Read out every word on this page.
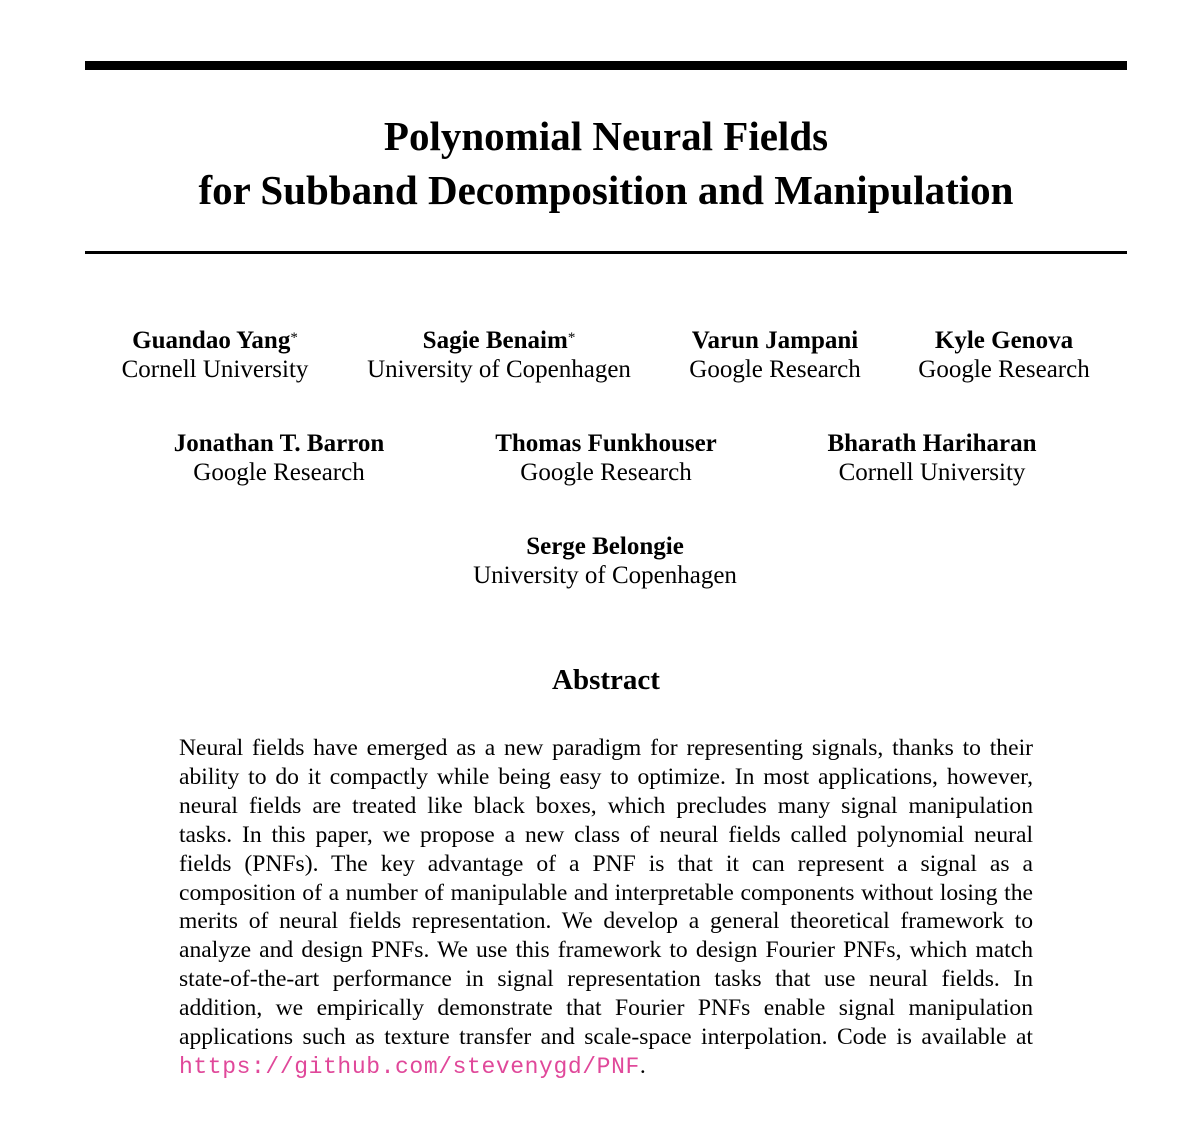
Polynomial Neural Fields
for Subband Decomposition and Manipulation
Guandao Yang*
Cornell University
Sagie Benaim*
University of Copenhagen
Varun Jampani
Google Research
Kyle Genova
Google Research
Jonathan T. Barron
Google Research
Thomas Funkhouser
Google Research
Bharath Hariharan
Cornell University
Serge Belongie
University of Copenhagen
Abstract

Neural fields have emerged as a new paradigm for representing signals, thanks to their ability to do it compactly while being easy to optimize. In most applications, however, neural fields are treated like black boxes, which precludes many signal manipulation tasks. In this paper, we propose a new class of neural fields called polynomial neural fields (PNFs). The key advantage of a PNF is that it can represent a signal as a composition of a number of manipulable and interpretable components without losing the merits of neural fields representation. We develop a general theoretical framework to analyze and design PNFs. We use this framework to design Fourier PNFs, which match state-of-the-art performance in signal representation tasks that use neural fields. In addition, we empirically demonstrate that Fourier PNFs enable signal manipulation applications such as texture transfer and scale-space interpolation. Code is available at https://github.com/stevenygd/PNF.
